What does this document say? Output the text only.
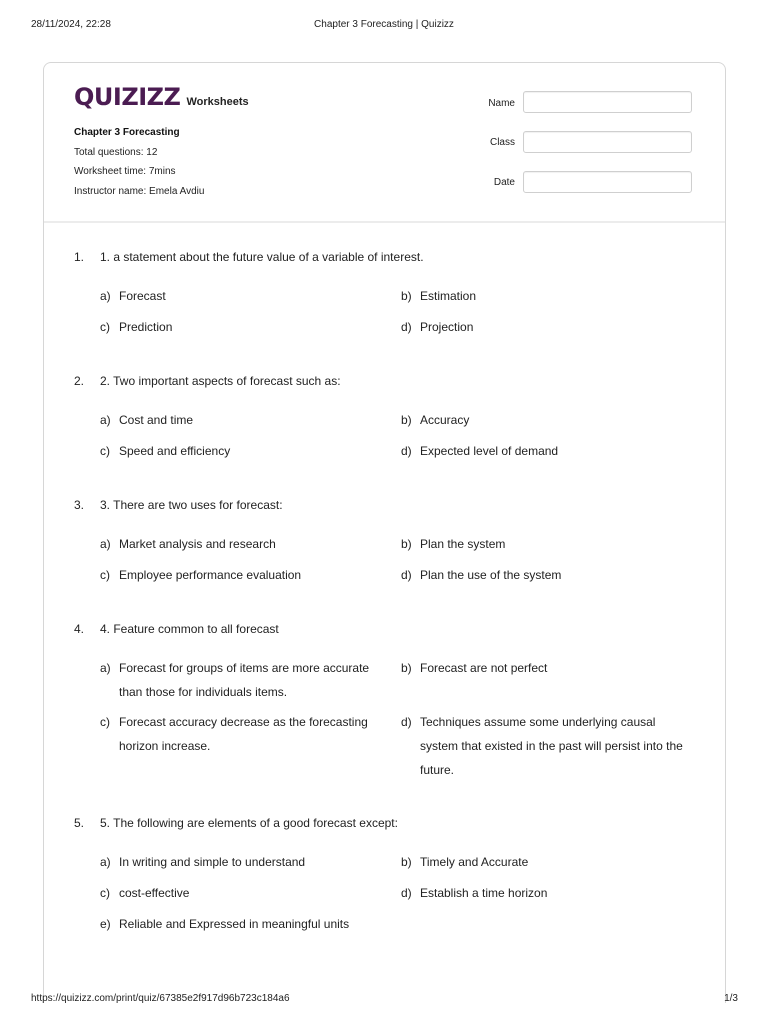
28/11/2024, 22:28	Chapter 3 Forecasting | Quizizz
QUIZIZZ Worksheets
Chapter 3 Forecasting
Total questions: 12
Worksheet time: 7mins
Instructor name: Emela Avdiu
Name
Class
Date
1. 1. a statement about the future value of a variable of interest.
a) Forecast	b) Estimation
c) Prediction	d) Projection
2. 2. Two important aspects of forecast such as:
a) Cost and time	b) Accuracy
c) Speed and efficiency	d) Expected level of demand
3. 3. There are two uses for forecast:
a) Market analysis and research	b) Plan the system
c) Employee performance evaluation	d) Plan the use of the system
4. 4. Feature common to all forecast
a) Forecast for groups of items are more accurate than those for individuals items.
b) Forecast are not perfect
c) Forecast accuracy decrease as the forecasting horizon increase.
d) Techniques assume some underlying causal system that existed in the past will persist into the future.
5. 5. The following are elements of a good forecast except:
a) In writing and simple to understand	b) Timely and Accurate
c) cost-effective	d) Establish a time horizon
e) Reliable and Expressed in meaningful units
https://quizizz.com/print/quiz/67385e2f917d96b723c184a6	1/3
